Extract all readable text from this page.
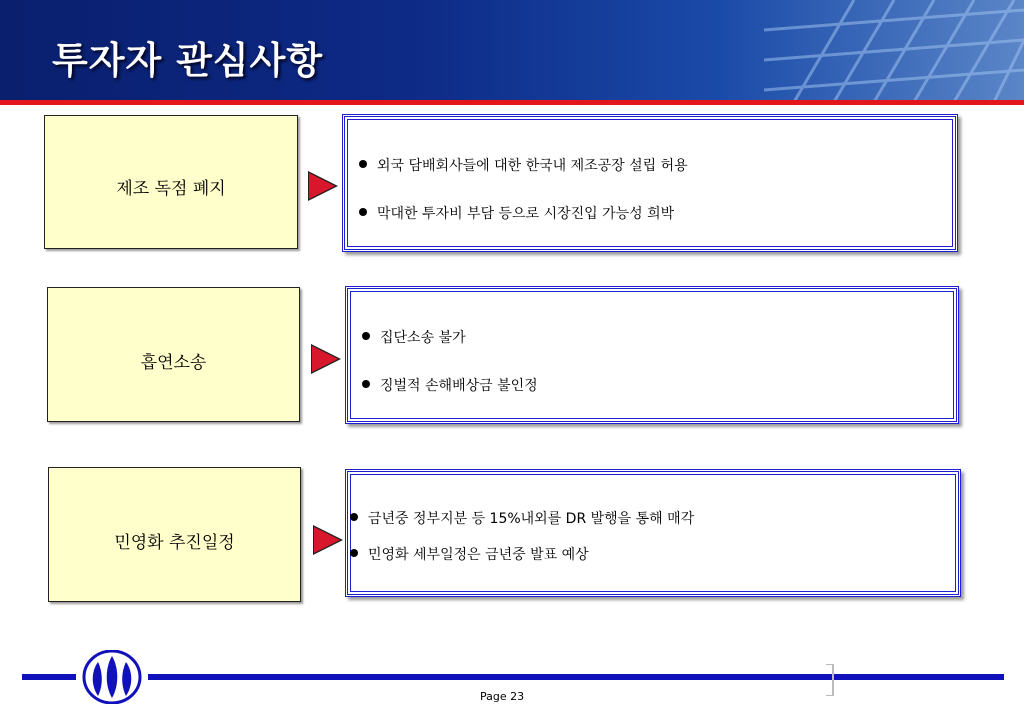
투자자 관심사항
제조 독점 폐지
외국 담배회사들에 대한 한국내 제조공장 설립 허용
막대한 투자비 부담 등으로 시장진입 가능성 희박
흡연소송
집단소송 불가
징벌적 손해배상금 불인정
민영화 추진일정
금년중 정부지분 등 15%내외를 DR 발행을 통해 매각
민영화 세부일정은 금년중 발표 예상
Page 23
